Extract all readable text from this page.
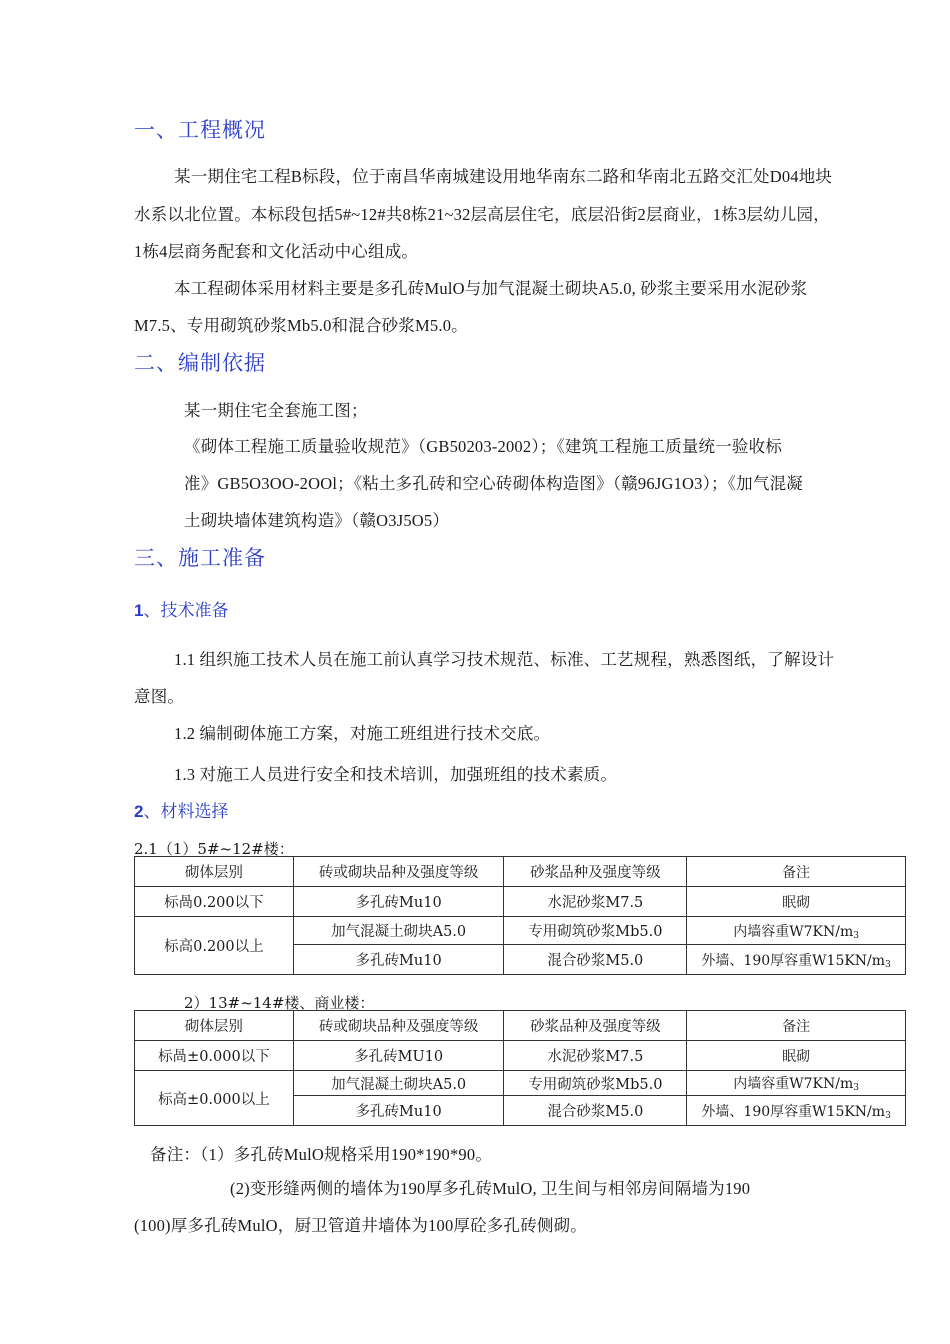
一、工程概况
某一期住宅工程B标段，位于南昌华南城建设用地华南东二路和华南北五路交汇处D04地块
水系以北位置。本标段包括5#~12#共8栋21~32层高层住宅，底层沿街2层商业，1栋3层幼儿园，
1栋4层商务配套和文化活动中心组成。
本工程砌体采用材料主要是多孔砖MulO与加气混凝土砌块A5.0, 砂浆主要采用水泥砂浆
M7.5、专用砌筑砂浆Mb5.0和混合砂浆M5.0。
二、编制依据
某一期住宅全套施工图；
《砌体工程施工质量验收规范》（GB50203-2002）；《建筑工程施工质量统一验收标
准》GB5O3OO-2OOl；《粘土多孔砖和空心砖砌体构造图》（赣96JG1O3）；《加气混凝
土砌块墙体建筑构造》（赣O3J5O5）
三、施工准备
1、技术准备
1.1 组织施工技术人员在施工前认真学习技术规范、标准、工艺规程，熟悉图纸，了解设计
意图。
1.2 编制砌体施工方案，对施工班组进行技术交底。
1.3 对施工人员进行安全和技术培训，加强班组的技术素质。
2、材料选择
2.1（1）5#~12#楼：
砌体层别	砖或砌块品种及强度等级	砂浆品种及强度等级	备注
标咼0.200以下	多孔砖Mu10	水泥砂浆M7.5	眠砌
标高0.200以上	加气混凝土砌块A5.0	专用砌筑砂浆Mb5.0	内墙容重$W7KN/m_3$
	多孔砖Mu10	混合砂浆M5.0	外墙、190厚容重$W15KN/m_3$
2）13#~14#楼、商业楼：
砌体层别	砖或砌块品种及强度等级	砂浆品种及强度等级	备注
标咼±0.000以下	多孔砖MU10	水泥砂浆M7.5	眠砌
标高±0.000以上	加气混凝土砌块A5.0	专用砌筑砂浆Mb5.0	内墙容重$W7KN/m_3$
	多孔砖Mu10	混合砂浆M5.0	外墙、190厚容重$W15KN/m_3$
备注：（1）多孔砖MulO规格采用190*190*90。
(2)变形缝两侧的墙体为190厚多孔砖MulO, 卫生间与相邻房间隔墙为190
(100)厚多孔砖MulO，厨卫管道井墙体为100厚砼多孔砖侧砌。
